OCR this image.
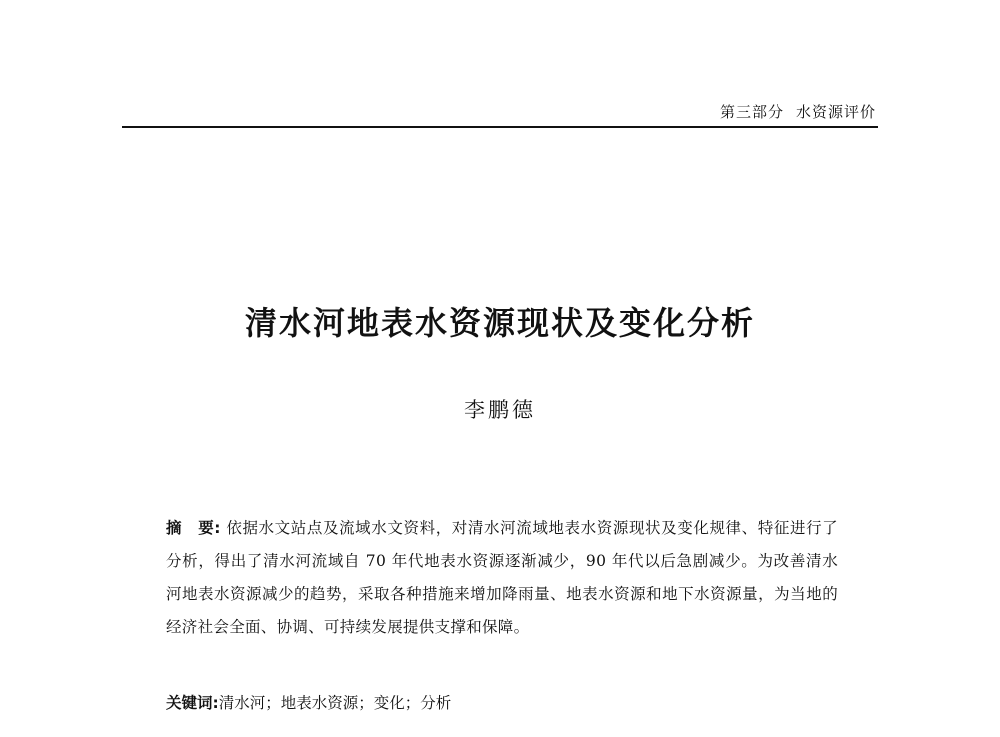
第三部分 水资源评价
清水河地表水资源现状及变化分析
李鹏德
摘　要: 依据水文站点及流域水文资料，对清水河流域地表水资源现状及变化规律、特征进行了分析，得出了清水河流域自 70 年代地表水资源逐渐减少，90 年代以后急剧减少。为改善清水河地表水资源减少的趋势，采取各种措施来增加降雨量、地表水资源和地下水资源量，为当地的经济社会全面、协调、可持续发展提供支撑和保障。
关键词:清水河；地表水资源；变化；分析
